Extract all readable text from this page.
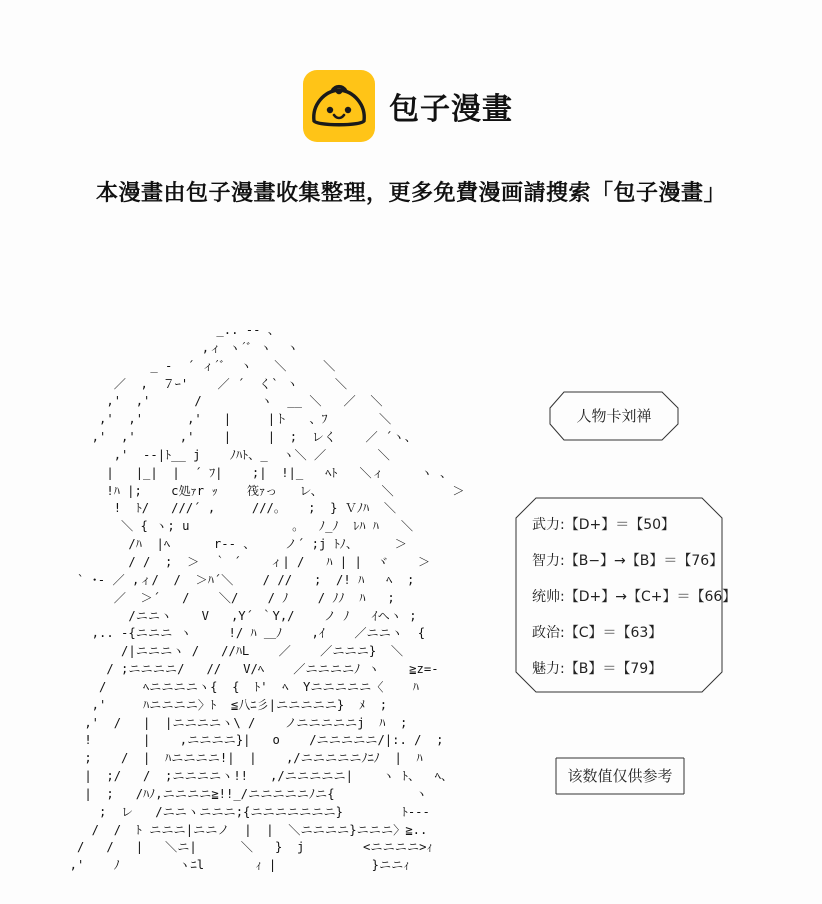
包子漫畫
本漫畫由包子漫畫收集整理，更多免費漫画請搜索「包子漫畫」
_.. -‐ 、
,ィ ヽ´ﾞ ヽ  ヽ
_ ‐  ´ ィ´ﾞ  ヽ   ＼     ＼
／  ,  ７ｰ'    ／ ´  く` ヽ     ＼
,'  ,'      /        ヽ  __ ＼   ／  ＼
,'  ,'      ,'   |     |ト   、ﾌ       ＼
,'  ,'      ,'    |     |  ;  レく    ／ ´ヽ、
,'  -‐|ﾄ__ j    ﾉﾊﾄ、_  ヽ＼ ／       ＼
|   |_|  |  ´ ﾌ|    ;|  !|_   ﾍﾄ   ＼ィ     ヽ 、
!ﾊ |;    c処ｧr ｯ    筏ｧっ   レ、        ＼        ＞
!  ﾄ/   ///´ ,     ///。   ;  } Ｖﾉﾊ  ＼
＼ { ヽ; u              。  ﾉ_ﾉ  ﾚﾊ ﾊ   ＼
/ﾊ  |ﾍ      r‐‐ 、    ノ´ ;j ﾄﾉ、     ＞
/ /  ;  ＞  ｀ ´    ィ| /   ﾊ | |  ヾ    ＞
` ･- ／ ,ィ/  /  ＞ﾊ´＼    / //   ;  /! ﾊ   ﾍ  ;
／  ＞´   /    ＼/    / ﾉ    / ﾉﾉ  ﾊ   ;
/ニニヽ    V   ,Y´ ｀Y,/    ノ ﾉ   ｲヘヽ ;
,.. -{ニニニ ヽ     !/ ﾊ ＿ﾉ    ,ｲ    ／ニニヽ  {
/|ニニニヽ /   //ﾊL    ／    ／ニニニ}  ＼
/ ;ニニニニ/   //   V/ﾍ    ／ニニニニﾉ ヽ    ≧z=-
/     ﾍニニニニヽ{  {  ﾄ'  ﾍ  Yニニニニニ〈    ﾊ
,'     ﾊニニニニ〉ﾄ  ≦八ﾆ彡|ニニニニニ}  ﾒ  ;
,'  /   |  |ニニニニヽ\ /    ノニニニニニj  ﾊ  ;
!       |    ,ニニニニ}|   o    /ニニニニニ/|:. /  ;
;    /  |  ﾊニニニニ!|  |    ,/ニニニニニﾉﾆﾉ  |  ﾊ
|  ;/   /  ;ニニニニヽ!!   ,/ニニニニニ|    ヽ ﾄ、  ﾍ、
|  ;   /ﾊﾉ,ニニニニ≧!!_/ニニニニニﾉニ{           ヽ
;  レ   /ニニヽニニニ;{ニニニニニニニ}        ﾄ‐--
/  /  ﾄ ニニニ|ニニノ  |  |  ＼ニニニニ}ニニニ〉≧..
/   /   |   ＼ニ|      ＼   }  j        <ニニニニ>ｨ
,'    ﾉ        ヽﾆl       ｨ |             }ニニｨ
人物卡刘禅
武力:【D+】＝【50】
智力:【B−】→【B】＝【76】
统帅:【D+】→【C+】＝【66】
政治:【C】＝【63】
魅力:【B】＝【79】
该数值仅供参考
